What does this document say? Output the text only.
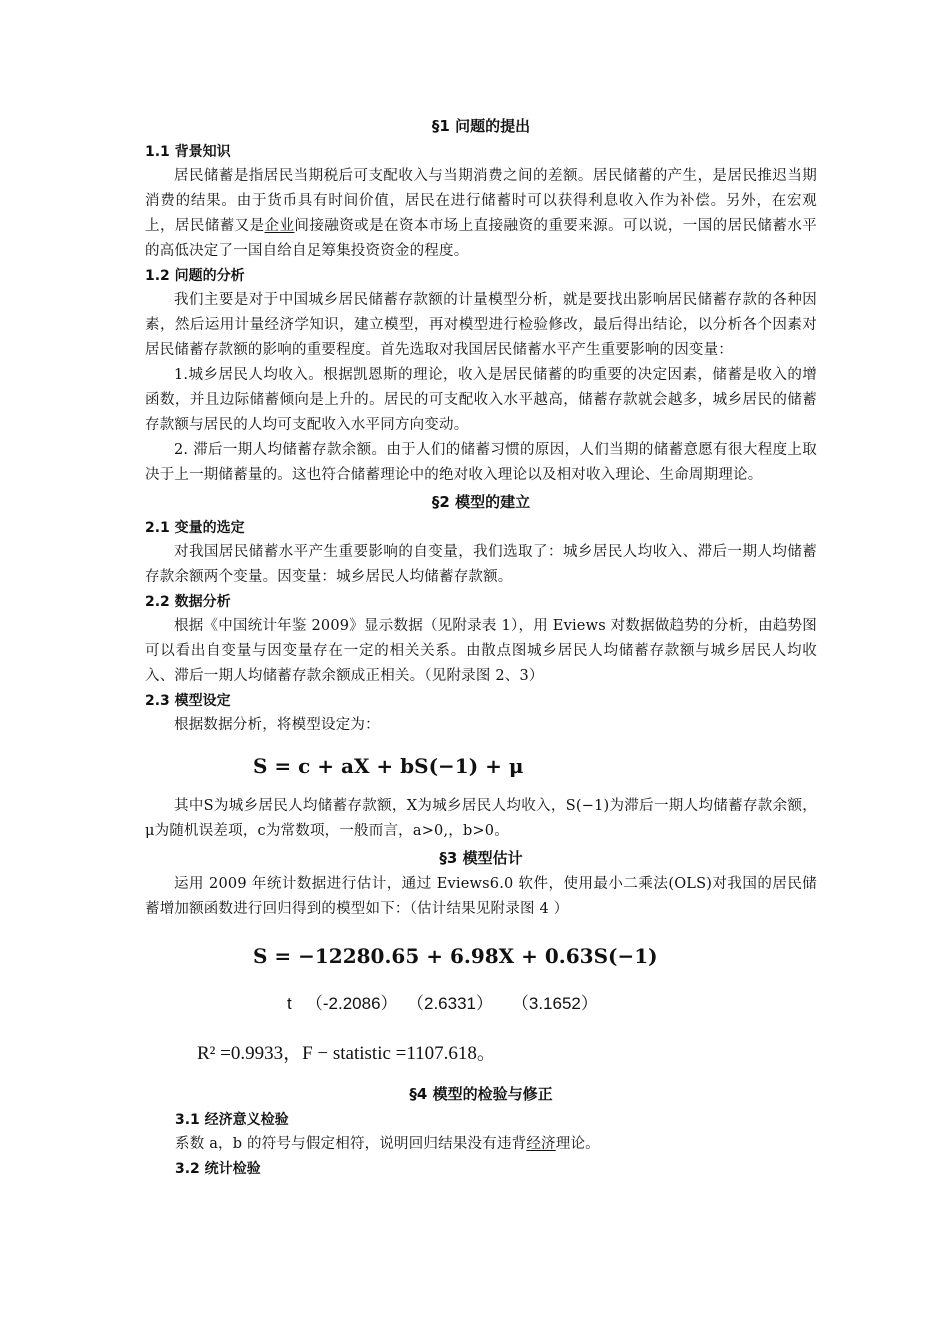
§1 问题的提出

1.1 背景知识

居民储蓄是指居民当期税后可支配收入与当期消费之间的差额。居民储蓄的产生，是居民推迟当期消费的结果。由于货币具有时间价值，居民在进行储蓄时可以获得利息收入作为补偿。另外，在宏观上，居民储蓄又是企业间接融资或是在资本市场上直接融资的重要来源。可以说，一国的居民储蓄水平的高低决定了一国自给自足筹集投资资金的程度。

1.2 问题的分析

我们主要是对于中国城乡居民储蓄存款额的计量模型分析，就是要找出影响居民储蓄存款的各种因素，然后运用计量经济学知识，建立模型，再对模型进行检验修改，最后得出结论，以分析各个因素对居民储蓄存款额的影响的重要程度。首先选取对我国居民储蓄水平产生重要影响的因变量：

1.城乡居民人均收入。根据凯恩斯的理论，收入是居民储蓄的昀重要的决定因素，储蓄是收入的增函数，并且边际储蓄倾向是上升的。居民的可支配收入水平越高，储蓄存款就会越多，城乡居民的储蓄存款额与居民的人均可支配收入水平同方向变动。

2. 滞后一期人均储蓄存款余额。由于人们的储蓄习惯的原因，人们当期的储蓄意愿有很大程度上取决于上一期储蓄量的。这也符合储蓄理论中的绝对收入理论以及相对收入理论、生命周期理论。

§2 模型的建立

2.1 变量的选定

对我国居民储蓄水平产生重要影响的自变量，我们选取了：城乡居民人均收入、滞后一期人均储蓄存款余额两个变量。因变量：城乡居民人均储蓄存款额。

2.2 数据分析

根据《中国统计年鉴 2009》显示数据（见附录表 1），用 Eviews 对数据做趋势的分析，由趋势图可以看出自变量与因变量存在一定的相关关系。由散点图城乡居民人均储蓄存款额与城乡居民人均收入、滞后一期人均储蓄存款余额成正相关。（见附录图 2、3）

2.3 模型设定

根据数据分析，将模型设定为：

S = c + aX + bS(−1) + μ

其中S为城乡居民人均储蓄存款额，X为城乡居民人均收入，S(−1)为滞后一期人均储蓄存款余额，μ为随机误差项，c为常数项，一般而言，a>0,，b>0。

§3 模型估计

运用 2009 年统计数据进行估计，通过 Eviews6.0 软件，使用最小二乘法(OLS)对我国的居民储蓄增加额函数进行回归得到的模型如下：（估计结果见附录图 4 ）

S = −12280.65 + 6.98X + 0.63S(−1)

t   （-2.2086）  （2.6331）    （3.1652）

R² =0.9933，F − statistic =1107.618。

§4 模型的检验与修正

3.1 经济意义检验

系数 a，b 的符号与假定相符，说明回归结果没有违背经济理论。

3.2 统计检验
